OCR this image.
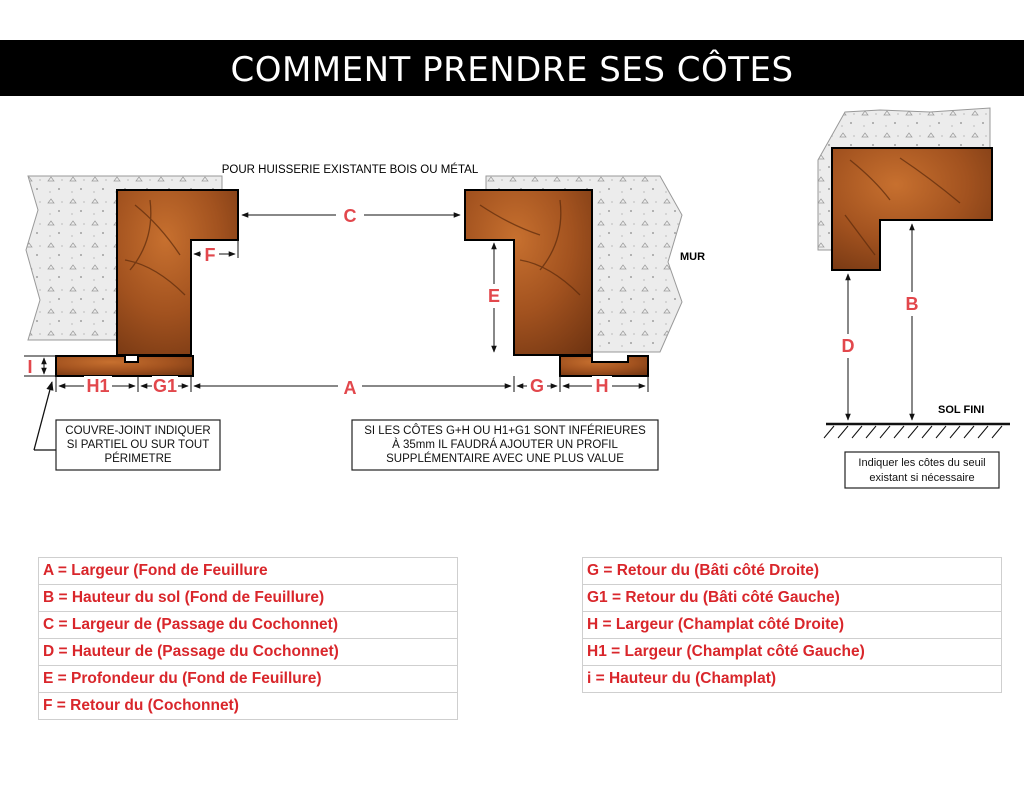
COMMENT PRENDRE SES CÔTES
POUR HUISSERIE EXISTANTE BOIS OU MÉTAL
MUR
C
F
E
I
H1 G1	A	G	H
COUVRE-JOINT INDIQUER
SI PARTIEL OU SUR TOUT
PÉRIMETRE
SI LES CÔTES G+H OU H1+G1 SONT INFÉRIEURES
À 35mm IL FAUDRÁ AJOUTER UN PROFIL
SUPPLÉMENTAIRE AVEC UNE PLUS VALUE
B
D
SOL FINI
Indiquer les côtes du seuil
existant si nécessaire
A = Largeur (Fond de Feuillure
B = Hauteur du sol (Fond de Feuillure)
C = Largeur de (Passage du Cochonnet)
D = Hauteur de (Passage du Cochonnet)
E = Profondeur du (Fond de Feuillure)
F = Retour du (Cochonnet)
G = Retour du (Bâti côté Droite)
G1 = Retour du (Bâti côté Gauche)
H = Largeur (Champlat côté Droite)
H1 = Largeur (Champlat côté Gauche)
i = Hauteur du (Champlat)
